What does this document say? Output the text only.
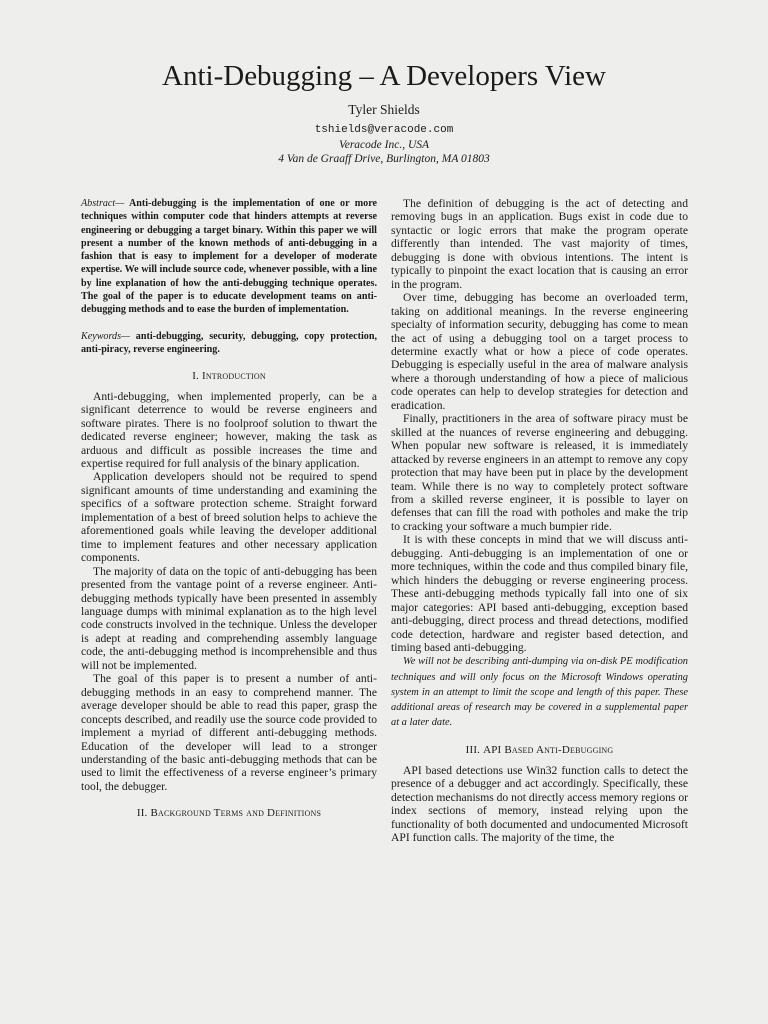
Anti-Debugging – A Developers View
Tyler Shields
tshields@veracode.com
Veracode Inc., USA
4 Van de Graaff Drive, Burlington, MA 01803

Abstract— Anti-debugging is the implementation of one or more techniques within computer code that hinders attempts at reverse engineering or debugging a target binary. Within this paper we will present a number of the known methods of anti-debugging in a fashion that is easy to implement for a developer of moderate expertise. We will include source code, whenever possible, with a line by line explanation of how the anti-debugging technique operates. The goal of the paper is to educate development teams on anti-debugging methods and to ease the burden of implementation.

Keywords— anti-debugging, security, debugging, copy protection, anti-piracy, reverse engineering.

I. Introduction

Anti-debugging, when implemented properly, can be a significant deterrence to would be reverse engineers and software pirates. There is no foolproof solution to thwart the dedicated reverse engineer; however, making the task as arduous and difficult as possible increases the time and expertise required for full analysis of the binary application.

Application developers should not be required to spend significant amounts of time understanding and examining the specifics of a software protection scheme. Straight forward implementation of a best of breed solution helps to achieve the aforementioned goals while leaving the developer additional time to implement features and other necessary application components.

The majority of data on the topic of anti-debugging has been presented from the vantage point of a reverse engineer. Anti-debugging methods typically have been presented in assembly language dumps with minimal explanation as to the high level code constructs involved in the technique. Unless the developer is adept at reading and comprehending assembly language code, the anti-debugging method is incomprehensible and thus will not be implemented.

The goal of this paper is to present a number of anti-debugging methods in an easy to comprehend manner. The average developer should be able to read this paper, grasp the concepts described, and readily use the source code provided to implement a myriad of different anti-debugging methods. Education of the developer will lead to a stronger understanding of the basic anti-debugging methods that can be used to limit the effectiveness of a reverse engineer’s primary tool, the debugger.

II. Background Terms and Definitions

The definition of debugging is the act of detecting and removing bugs in an application. Bugs exist in code due to syntactic or logic errors that make the program operate differently than intended. The vast majority of times, debugging is done with obvious intentions. The intent is typically to pinpoint the exact location that is causing an error in the program.

Over time, debugging has become an overloaded term, taking on additional meanings. In the reverse engineering specialty of information security, debugging has come to mean the act of using a debugging tool on a target process to determine exactly what or how a piece of code operates. Debugging is especially useful in the area of malware analysis where a thorough understanding of how a piece of malicious code operates can help to develop strategies for detection and eradication.

Finally, practitioners in the area of software piracy must be skilled at the nuances of reverse engineering and debugging. When popular new software is released, it is immediately attacked by reverse engineers in an attempt to remove any copy protection that may have been put in place by the development team. While there is no way to completely protect software from a skilled reverse engineer, it is possible to layer on defenses that can fill the road with potholes and make the trip to cracking your software a much bumpier ride.

It is with these concepts in mind that we will discuss anti-debugging. Anti-debugging is an implementation of one or more techniques, within the code and thus compiled binary file, which hinders the debugging or reverse engineering process. These anti-debugging methods typically fall into one of six major categories: API based anti-debugging, exception based anti-debugging, direct process and thread detections, modified code detection, hardware and register based detection, and timing based anti-debugging.

We will not be describing anti-dumping via on-disk PE modification techniques and will only focus on the Microsoft Windows operating system in an attempt to limit the scope and length of this paper. These additional areas of research may be covered in a supplemental paper at a later date.

III. API Based Anti-Debugging

API based detections use Win32 function calls to detect the presence of a debugger and act accordingly. Specifically, these detection mechanisms do not directly access memory regions or index sections of memory, instead relying upon the functionality of both documented and undocumented Microsoft API function calls. The majority of the time, the
